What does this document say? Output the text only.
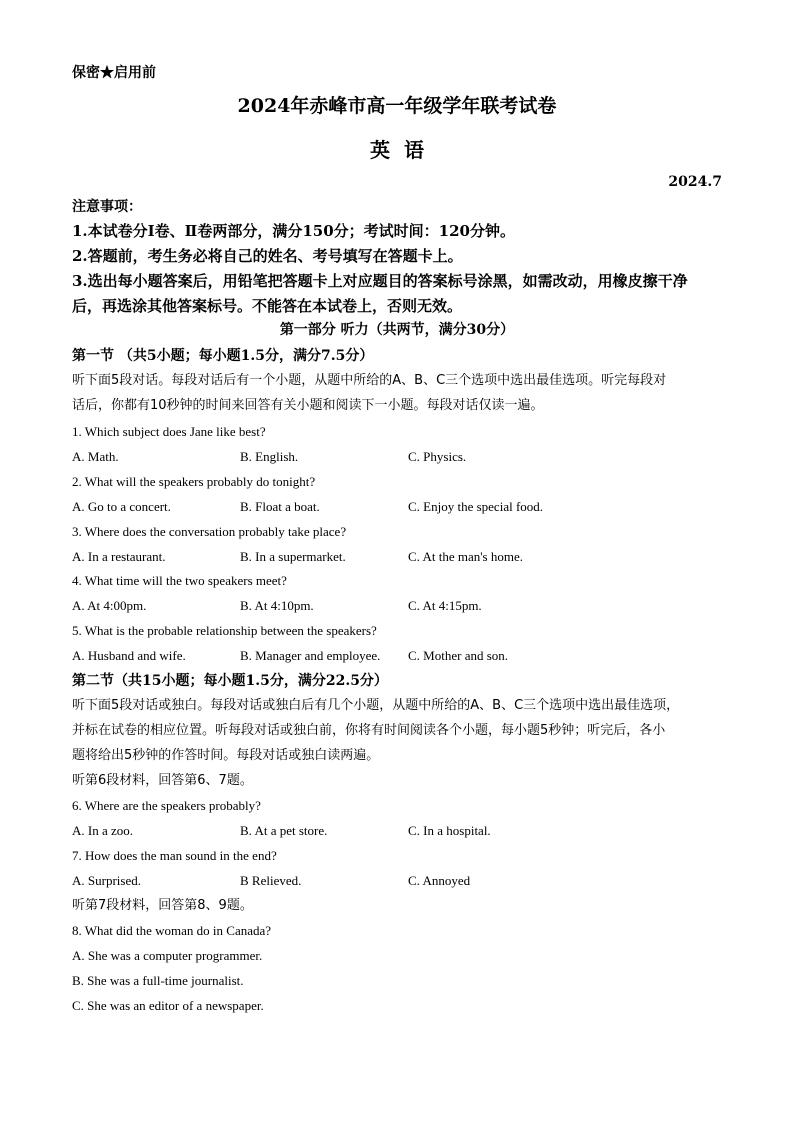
保密★启用前
2024年赤峰市高一年级学年联考试卷
英  语
2024.7
注意事项：
1.本试卷分Ⅰ卷、Ⅱ卷两部分，满分150分；考试时间：120分钟。
2.答题前，考生务必将自己的姓名、考号填写在答题卡上。
3.选出每小题答案后，用铅笔把答题卡上对应题目的答案标号涂黑，如需改动，用橡皮擦干净
后，再选涂其他答案标号。不能答在本试卷上，否则无效。
第一部分 听力（共两节，满分30分）
第一节 （共5小题；每小题1.5分，满分7.5分）
听下面5段对话。每段对话后有一个小题，从题中所给的A、B、C三个选项中选出最佳选项。听完每段对
话后，你都有10秒钟的时间来回答有关小题和阅读下一小题。每段对话仅读一遍。
1. Which subject does Jane like best?
A. Math.	B. English.	C. Physics.
2. What will the speakers probably do tonight?
A. Go to a concert.	B. Float a boat.	C. Enjoy the special food.
3. Where does the conversation probably take place?
A. In a restaurant.	B. In a supermarket.	C. At the man's home.
4. What time will the two speakers meet?
A. At 4:00pm.	B. At 4:10pm.	C. At 4:15pm.
5. What is the probable relationship between the speakers?
A. Husband and wife.	B. Manager and employee. C. Mother and son.
第二节（共15小题；每小题1.5分，满分22.5分）
听下面5段对话或独白。每段对话或独白后有几个小题，从题中所给的A、B、C三个选项中选出最佳选项，
并标在试卷的相应位置。听每段对话或独白前，你将有时间阅读各个小题，每小题5秒钟；听完后，各小
题将给出5秒钟的作答时间。每段对话或独白读两遍。
听第6段材料，回答第6、7题。
6. Where are the speakers probably?
A. In a zoo.	B. At a pet store.	C. In a hospital.
7. How does the man sound in the end?
A. Surprised.	B Relieved.	C. Annoyed
听第7段材料，回答第8、9题。
8. What did the woman do in Canada?
A. She was a computer programmer.
B. She was a full-time journalist.
C. She was an editor of a newspaper.
